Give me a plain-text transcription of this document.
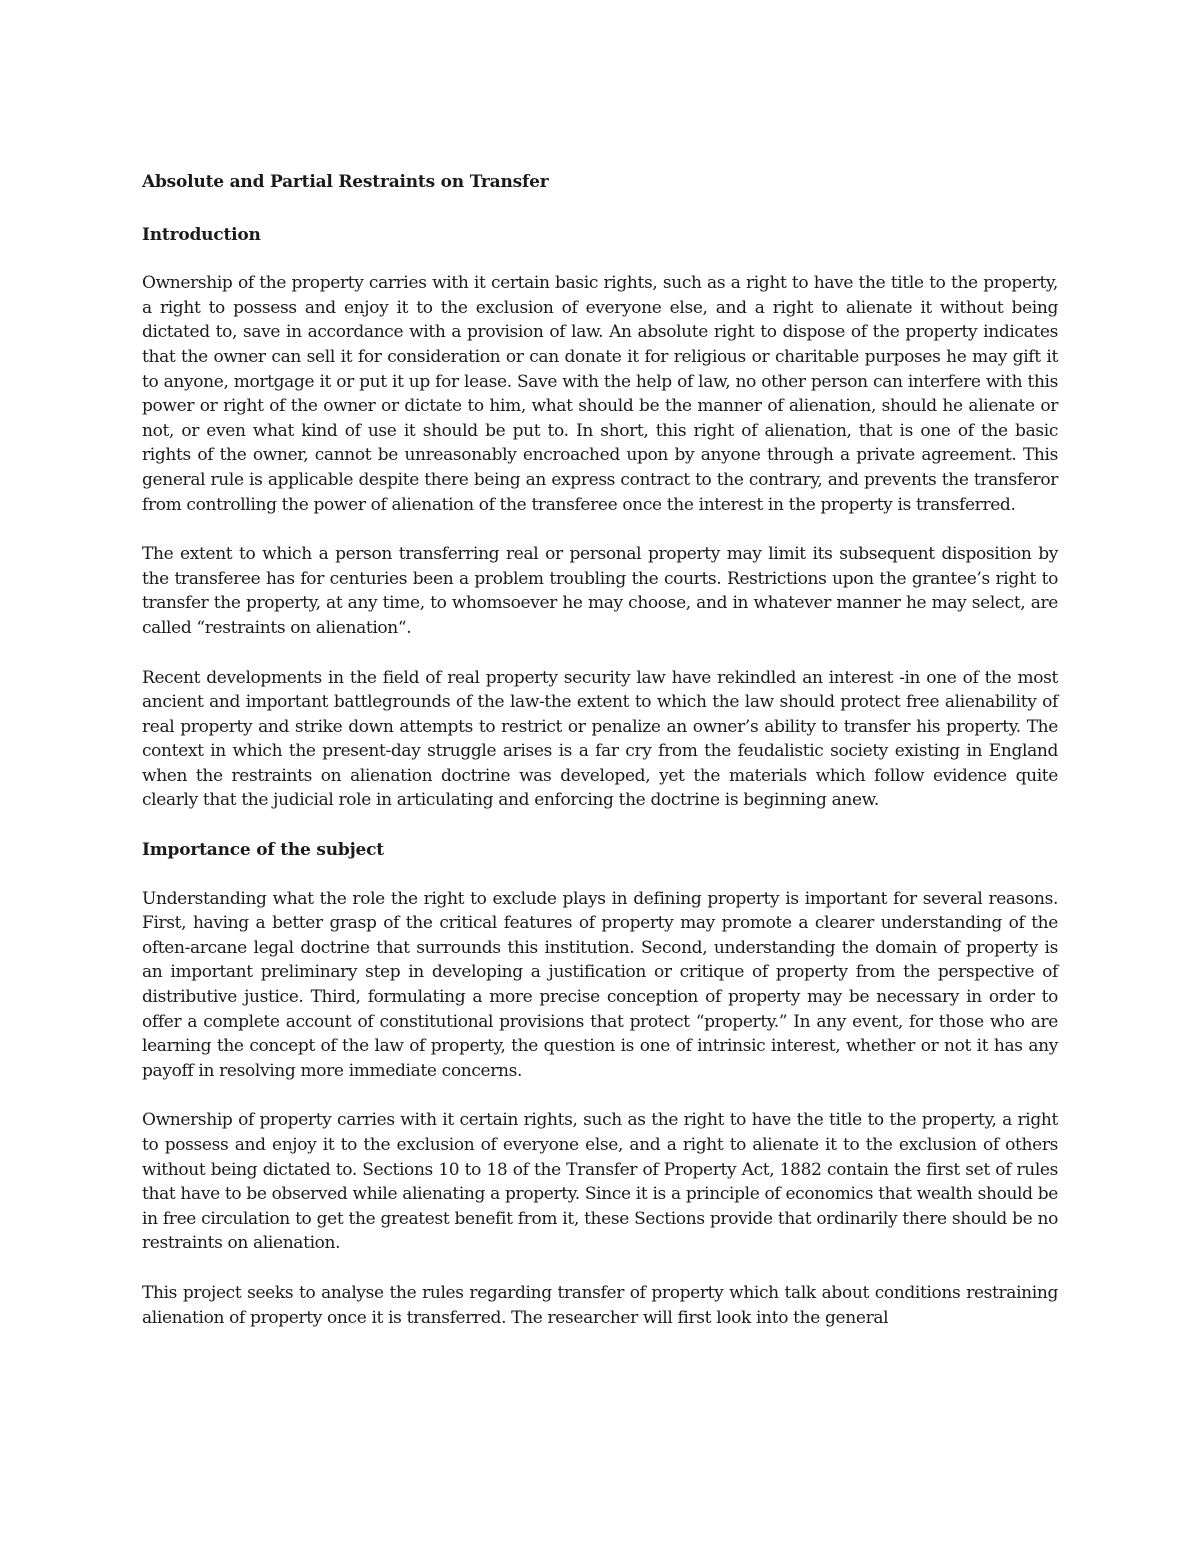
Absolute and Partial Restraints on Transfer

Introduction

Ownership of the property carries with it certain basic rights, such as a right to have the title to the property, a right to possess and enjoy it to the exclusion of everyone else, and a right to alienate it without being dictated to, save in accordance with a provision of law. An absolute right to dispose of the property indicates that the owner can sell it for consideration or can donate it for religious or charitable purposes he may gift it to anyone, mortgage it or put it up for lease. Save with the help of law, no other person can interfere with this power or right of the owner or dictate to him, what should be the manner of alienation, should he alienate or not, or even what kind of use it should be put to. In short, this right of alienation, that is one of the basic rights of the owner, cannot be unreasonably encroached upon by anyone through a private agreement. This general rule is applicable despite there being an express contract to the contrary, and prevents the transferor from controlling the power of alienation of the transferee once the interest in the property is transferred.

The extent to which a person transferring real or personal property may limit its subsequent disposition by the transferee has for centuries been a problem troubling the courts. Restrictions upon the grantee’s right to transfer the property, at any time, to whomsoever he may choose, and in whatever manner he may select, are called “restraints on alienation“.

Recent developments in the field of real property security law have rekindled an interest -in one of the most ancient and important battlegrounds of the law-the extent to which the law should protect free alienability of real property and strike down attempts to restrict or penalize an owner’s ability to transfer his property. The context in which the present-day struggle arises is a far cry from the feudalistic society existing in England when the restraints on alienation doctrine was developed, yet the materials which follow evidence quite clearly that the judicial role in articulating and enforcing the doctrine is beginning anew.

Importance of the subject

Understanding what the role the right to exclude plays in defining property is important for several reasons. First, having a better grasp of the critical features of property may promote a clearer understanding of the often-arcane legal doctrine that surrounds this institution. Second, understanding the domain of property is an important preliminary step in developing a justification or critique of property from the perspective of distributive justice. Third, formulating a more precise conception of property may be necessary in order to offer a complete account of constitutional provisions that protect “property.” In any event, for those who are learning the concept of the law of property, the question is one of intrinsic interest, whether or not it has any payoff in resolving more immediate concerns.

Ownership of property carries with it certain rights, such as the right to have the title to the property, a right to possess and enjoy it to the exclusion of everyone else, and a right to alienate it to the exclusion of others without being dictated to. Sections 10 to 18 of the Transfer of Property Act, 1882 contain the first set of rules that have to be observed while alienating a property. Since it is a principle of economics that wealth should be in free circulation to get the greatest benefit from it, these Sections provide that ordinarily there should be no restraints on alienation.

This project seeks to analyse the rules regarding transfer of property which talk about conditions restraining alienation of property once it is transferred. The researcher will first look into the general
